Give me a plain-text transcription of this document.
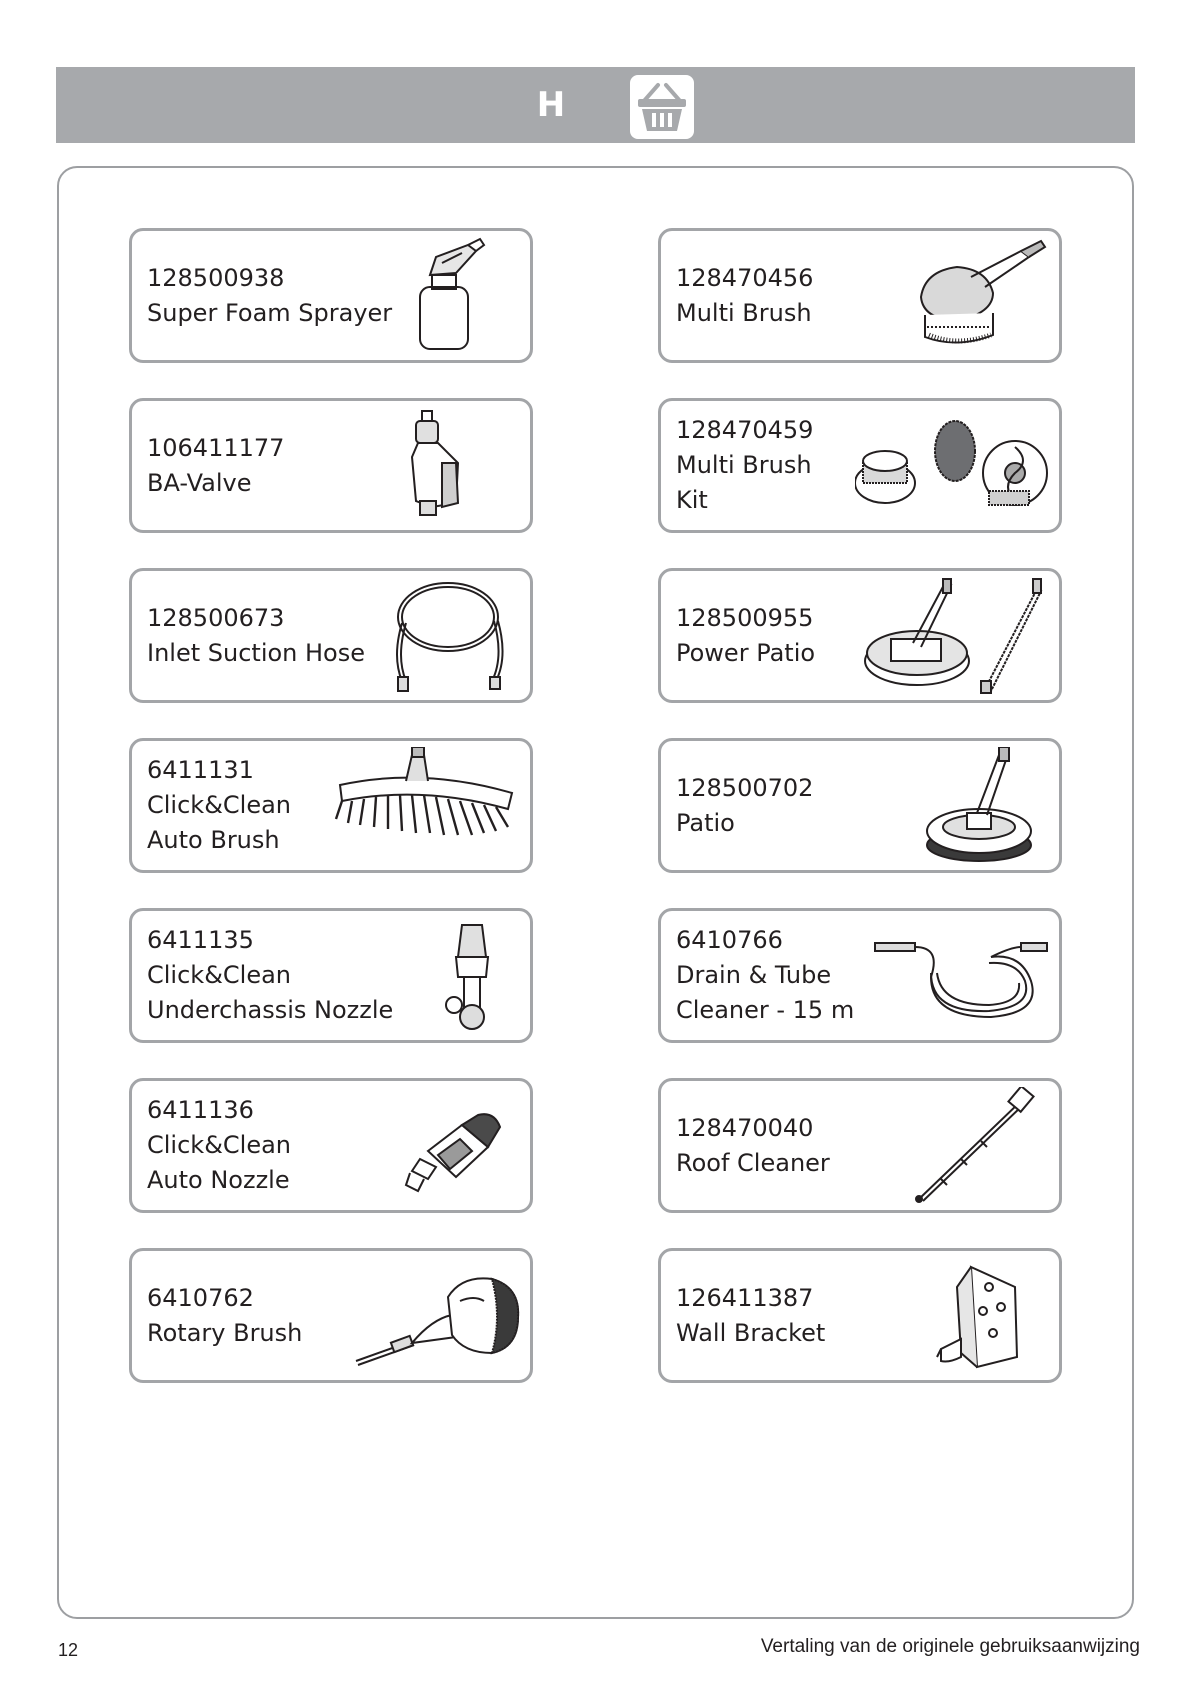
H
128500938
Super Foam Sprayer
128470456
Multi Brush
106411177
BA-Valve
128470459
Multi Brush
Kit
128500673
Inlet Suction Hose
128500955
Power Patio
6411131
Click&Clean
Auto Brush
128500702
Patio
6411135
Click&Clean
Underchassis Nozzle
6410766
Drain & Tube
Cleaner - 15 m
6411136
Click&Clean
Auto Nozzle
128470040
Roof Cleaner
6410762
Rotary Brush
126411387
Wall Bracket
12	Vertaling van de originele gebruiksaanwijzing
